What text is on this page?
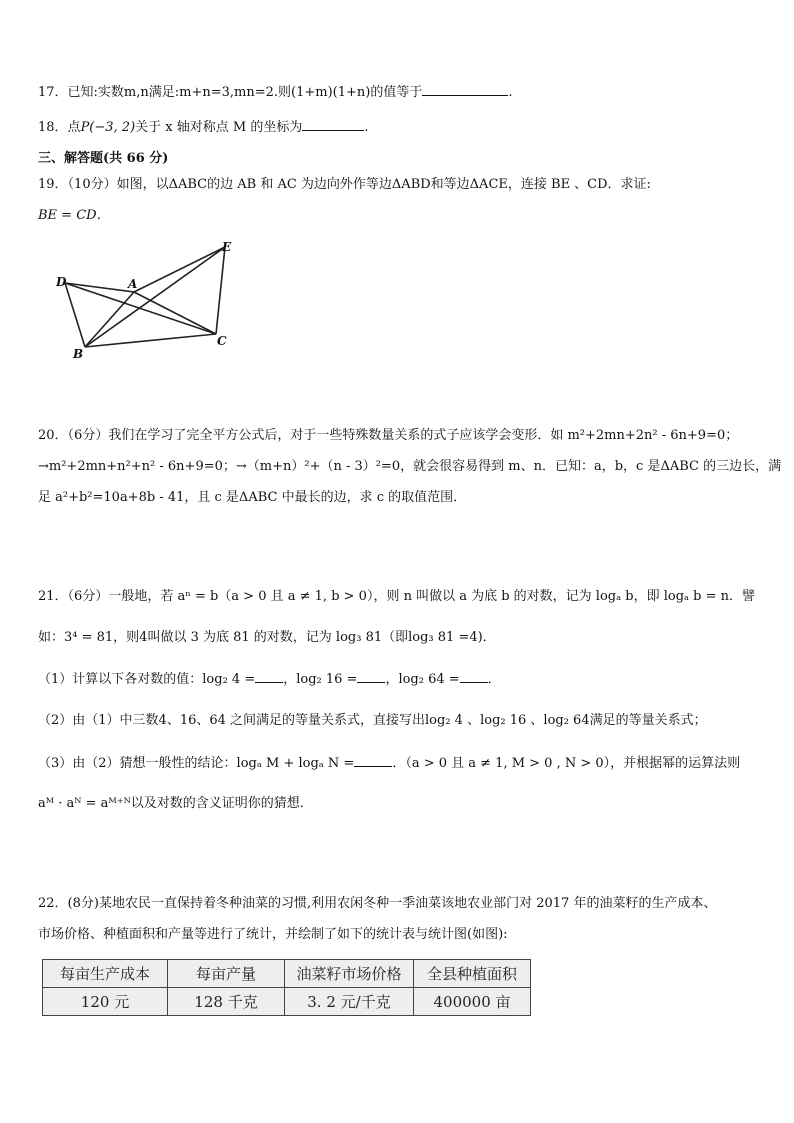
17．已知:实数m,n满足:m+n=3,mn=2.则(1+m)(1+n)的值等于	.
18．点P(−3, 2)关于 x 轴对称点 M 的坐标为	.
三、解答题(共 66 分)
19．（10分）如图，以ΔABC的边 AB 和 AC 为边向外作等边ΔABD和等边ΔACE，连接 BE 、CD．求证:
BE = CD．
D	A
E
B
C
20．（6分）我们在学习了完全平方公式后，对于一些特殊数量关系的式子应该学会变形．如 m²+2mn+2n² - 6n+9=0；
→m²+2mn+n²+n² - 6n+9=0；→（m+n）²+（n - 3）²=0，就会很容易得到 m、n．已知：a，b，c 是ΔABC 的三边长，满
足 a²+b²=10a+8b - 41，且 c 是ΔABC 中最长的边，求 c 的取值范围．
21．（6分）一般地，若 aⁿ = b（a > 0 且 a ≠ 1, b > 0），则 n 叫做以 a 为底 b 的对数，记为 logₐ b，即 logₐ b = n．譬
如：3⁴ = 81，则4叫做以 3 为底 81 的对数，记为 log₃ 81（即log₃ 81 =4)．
（1）计算以下各对数的值：log₂ 4 = ，log₂ 16 = ，log₂ 64 = ．
（2）由（1）中三数4、16、64 之间满足的等量关系式，直接写出log₂ 4 、log₂ 16 、log₂ 64满足的等量关系式；
（3）由（2）猜想一般性的结论：logₐ M + logₐ N =	．（a > 0 且 a ≠ 1, M > 0 , N > 0），并根据幂的运算法则
aᴹ · aᴺ = aᴹ⁺ᴺ以及对数的含义证明你的猜想．
22．(8分)某地农民一直保持着冬种油菜的习惯,利用农闲冬种一季油菜该地农业部门对 2017 年的油菜籽的生产成本、
市场价格、种植面积和产量等进行了统计，并绘制了如下的统计表与统计图(如图):
每亩生产成本	每亩产量	油菜籽市场价格	全县种植面积
120 元	128 千克	3. 2 元/千克	400000 亩
